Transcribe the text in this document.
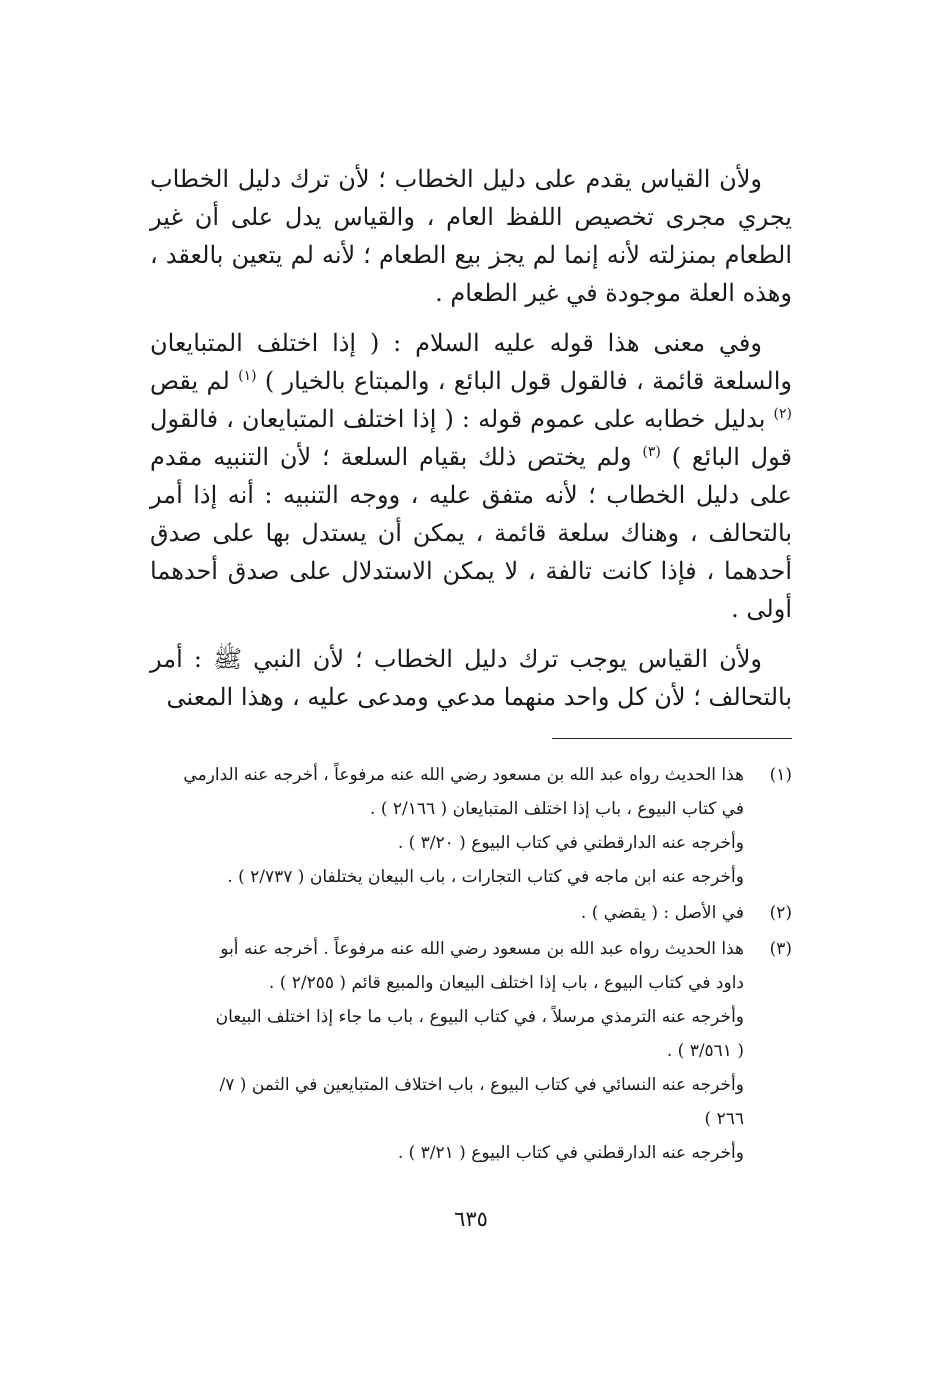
ولأن القياس يقدم على دليل الخطاب ؛ لأن ترك دليل الخطاب يجري مجرى تخصيص اللفظ العام ، والقياس يدل على أن غير الطعام بمنزلته لأنه إنما لم يجز بيع الطعام ؛ لأنه لم يتعين بالعقد ، وهذه العلة موجودة في غير الطعام .

وفي معنى هذا قوله عليه السلام : ( إذا اختلف المتبايعان والسلعة قائمة ، فالقول قول البائع ، والمبتاع بالخيار ) $^{(١)}$ لم يقص $^{(٢)}$ بدليل خطابه على عموم قوله : ( إذا اختلف المتبايعان ، فالقول قول البائع ) $^{(٣)}$ ولم يختص ذلك بقيام السلعة ؛ لأن التنبيه مقدم على دليل الخطاب ؛ لأنه متفق عليه ، ووجه التنبيه : أنه إذا أمر بالتحالف ، وهناك سلعة قائمة ، يمكن أن يستدل بها على صدق أحدهما ، فإذا كانت تالفة ، لا يمكن الاستدلال على صدق أحدهما أولى .

ولأن القياس يوجب ترك دليل الخطاب ؛ لأن النبي ﷺ : أمر بالتحالف ؛ لأن كل واحد منهما مدعي ومدعى عليه ، وهذا المعنى

(١)
هذا الحديث رواه عبد الله بن مسعود رضي الله عنه مرفوعاً ، أخرجه عنه الدارمي
في كتاب البيوع ، باب إذا اختلف المتبايعان ( ٢/١٦٦ ) .
وأخرجه عنه الدارقطني في كتاب البيوع ( ٣/٢٠ ) .
وأخرجه عنه ابن ماجه في كتاب التجارات ، باب البيعان يختلفان ( ٢/٧٣٧ ) .
(٢)
في الأصل : ( يقضي ) .
(٣)
هذا الحديث رواه عبد الله بن مسعود رضي الله عنه مرفوعاً . أخرجه عنه أبو
داود في كتاب البيوع ، باب إذا اختلف البيعان والمبيع قائم ( ٢/٢٥٥ ) .
وأخرجه عنه الترمذي مرسلاً ، في كتاب البيوع ، باب ما جاء إذا اختلف البيعان
( ٣/٥٦١ ) .
وأخرجه عنه النسائي في كتاب البيوع ، باب اختلاف المتبايعين في الثمن ( ٧/
٢٦٦ )
وأخرجه عنه الدارقطني في كتاب البيوع ( ٣/٢١ ) .
٦٣٥
